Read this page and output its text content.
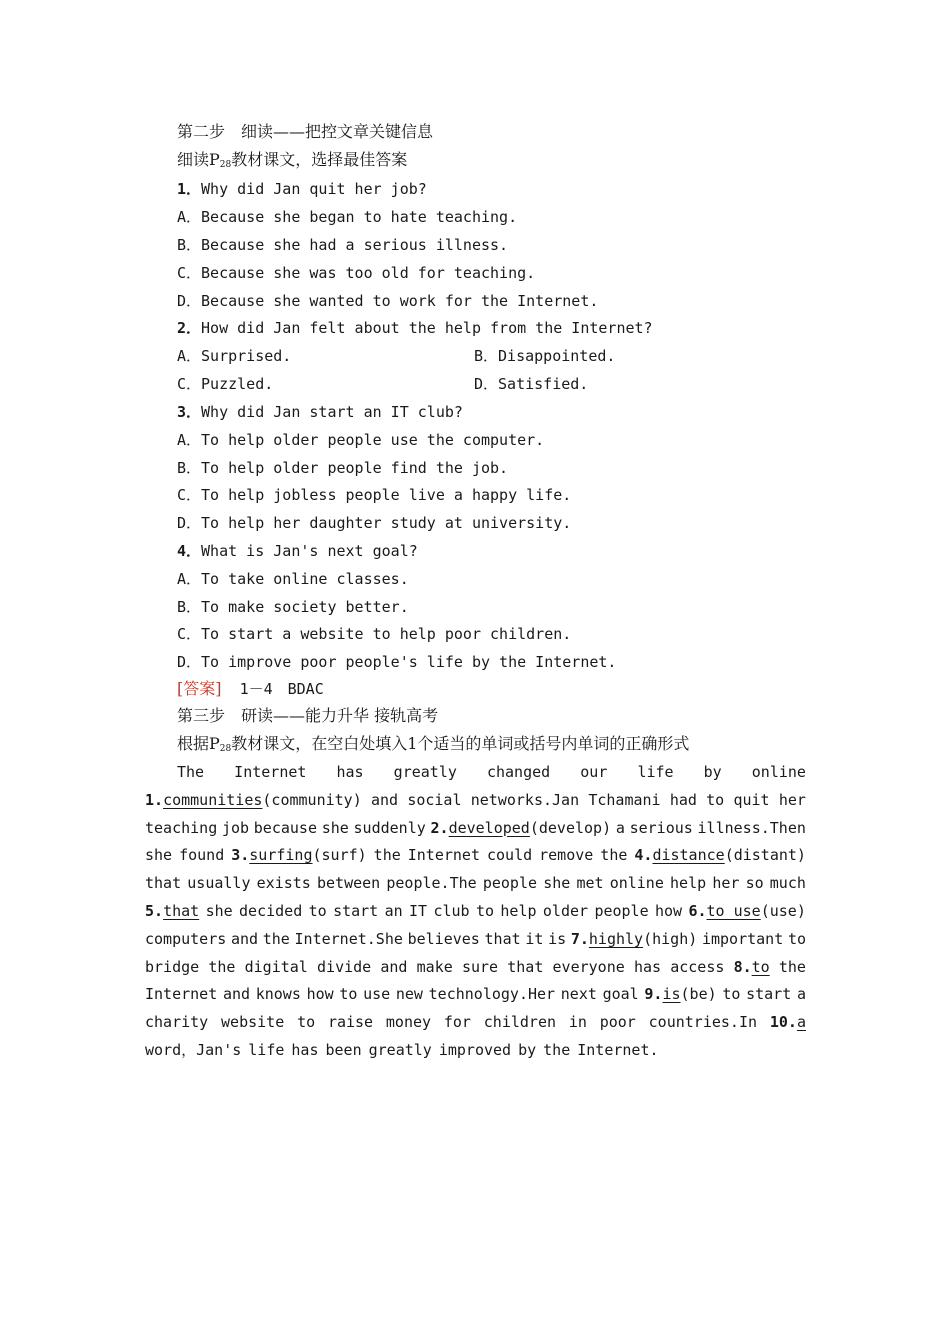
第二步　细读——把控文章关键信息
细读$P_{28}$教材课文，选择最佳答案
1．Why did Jan quit her job?
A．Because she began to hate teaching.
B．Because she had a serious illness.
C．Because she was too old for teaching.
D．Because she wanted to work for the Internet.
2．How did Jan felt about the help from the Internet?
A．Surprised.	B．Disappointed.
C．Puzzled.	D．Satisfied.
3．Why did Jan start an IT club?
A．To help older people use the computer.
B．To help older people find the job.
C．To help jobless people live a happy life.
D．To help her daughter study at university.
4．What is Jan's next goal?
A．To take online classes.
B．To make society better.
C．To start a website to help poor children.
D．To improve poor people's life by the Internet.
[答案] 1－4　BDAC
第三步　研读——能力升华 接轨高考
根据$P_{28}$教材课文，在空白处填入1个适当的单词或括号内单词的正确形式
The Internet has greatly changed our life by online
1.communities(community) and social networks.Jan Tchamani had to quit her
teaching job because she suddenly 2.developed(develop) a serious illness.Then
she found 3.surfing(surf) the Internet could remove the 4.distance(distant)
that usually exists between people.The people she met online help her so much
5.that she decided to start an IT club to help older people how 6.to use(use)
computers and the Internet.She believes that it is 7.highly(high) important to
bridge the digital divide and make sure that everyone has access 8.to the
Internet and knows how to use new technology.Her next goal 9.is(be) to start a
charity website to raise money for children in poor countries.In 10.a
word，Jan's life has been greatly improved by the Internet.
